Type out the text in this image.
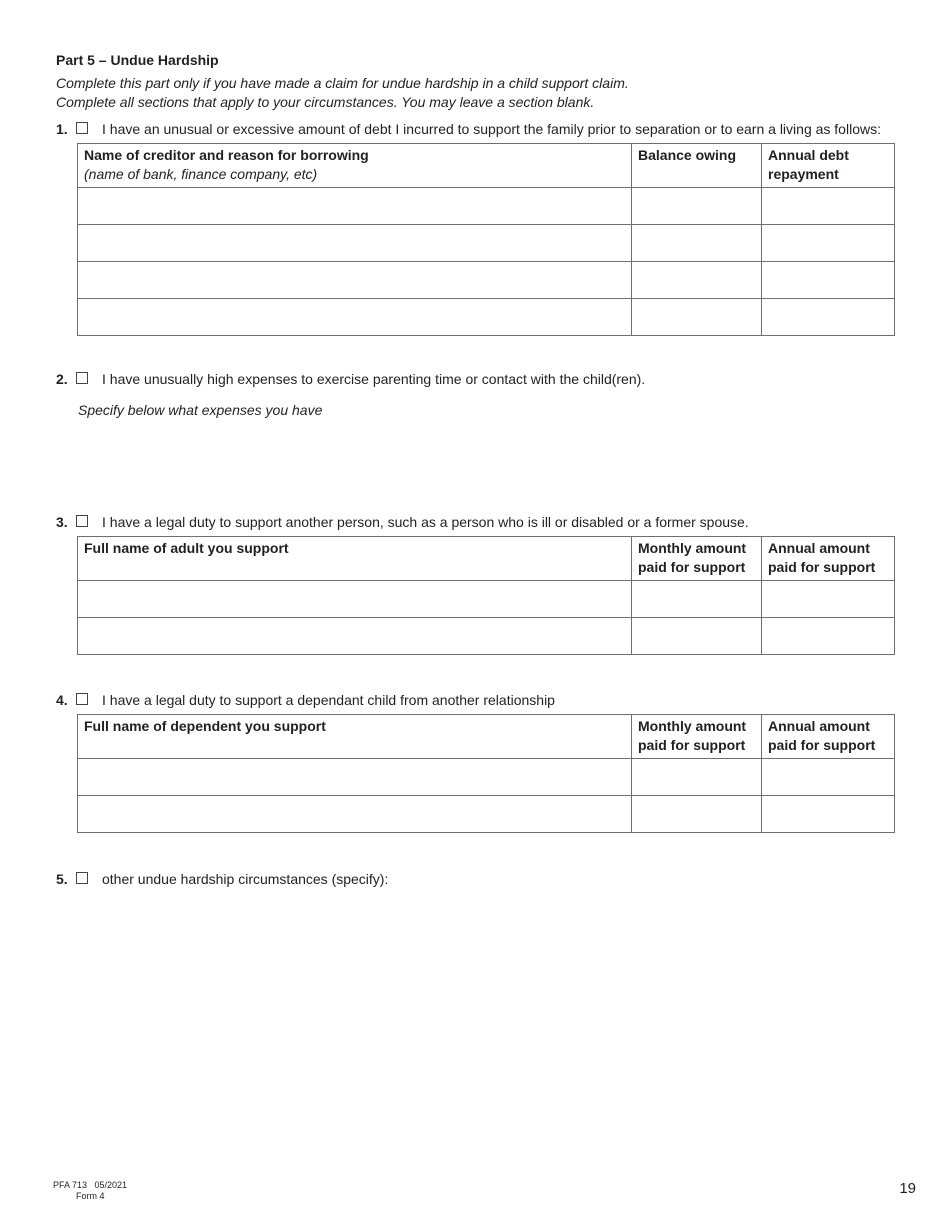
Part 5 – Undue Hardship
Complete this part only if you have made a claim for undue hardship in a child support claim.
Complete all sections that apply to your circumstances. You may leave a section blank.
1.	I have an unusual or excessive amount of debt I incurred to support the family prior to separation or to earn a living as follows:
Name of creditor and reason for borrowing
(name of bank, finance company, etc)	Balance owing	Annual debt repayment

2.	I have unusually high expenses to exercise parenting time or contact with the child(ren).
Specify below what expenses you have
3.	I have a legal duty to support another person, such as a person who is ill or disabled or a former spouse.
Full name of adult you support	Monthly amount paid for support	Annual amount paid for support

4.	I have a legal duty to support a dependant child from another relationship
Full name of dependent you support	Monthly amount paid for support	Annual amount paid for support

5.	other undue hardship circumstances (specify):
PFA 713   05/2021
Form 4	19
